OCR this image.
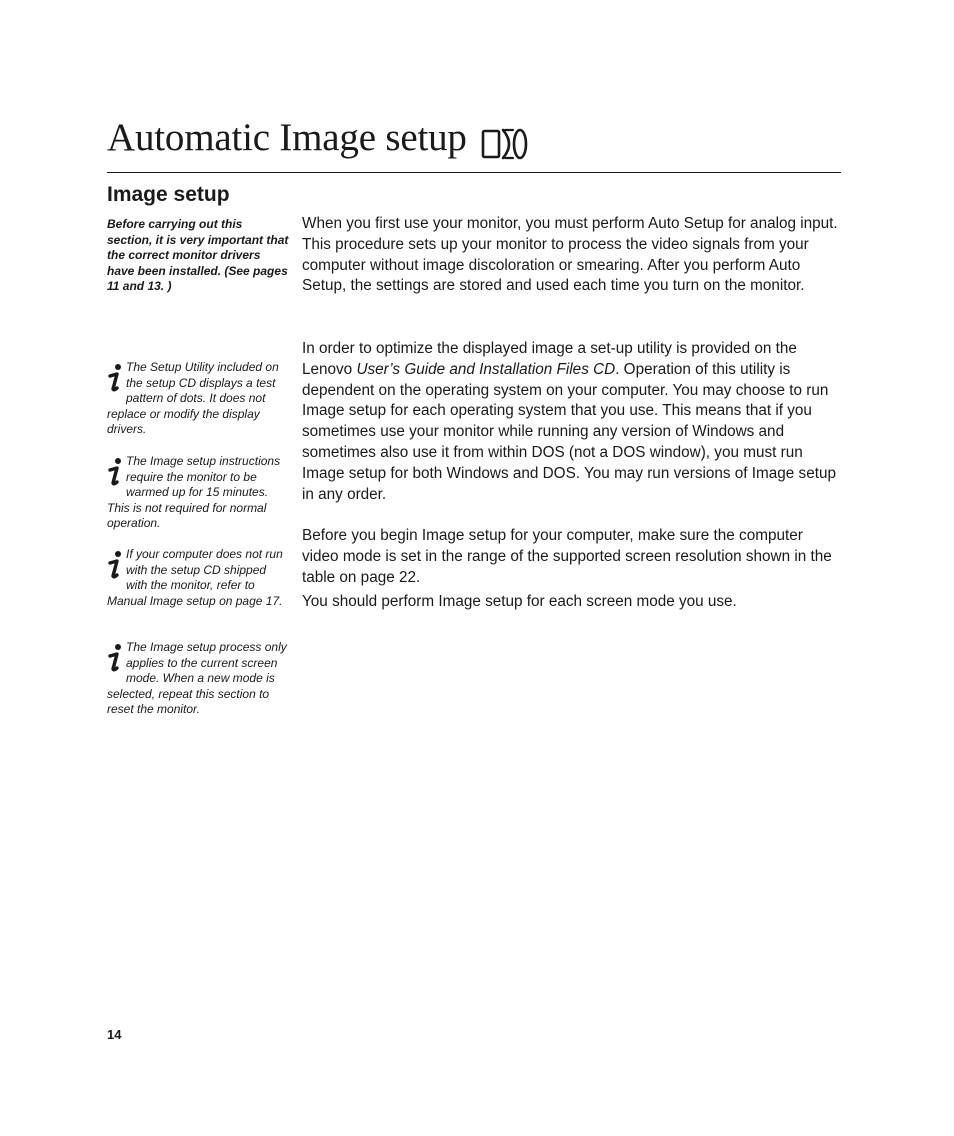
Automatic Image setup
Image setup

Before carrying out this section, it is very important that the correct monitor drivers have been installed. (See pages 11 and 13. )

The Setup Utility included on the setup CD displays a test pattern of dots. It does not replace or modify the display drivers.

The Image setup instructions require the monitor to be warmed up for 15 minutes. This is not required for normal operation.

If your computer does not run with the setup CD shipped with the monitor, refer to Manual Image setup on page 17.

The Image setup process only applies to the current screen mode. When a new mode is selected, repeat this section to reset the monitor.

When you first use your monitor, you must perform Auto Setup for analog input. This procedure sets up your monitor to process the video signals from your computer without image discoloration or smearing. After you perform Auto Setup, the settings are stored and used each time you turn on the monitor.

In order to optimize the displayed image a set-up utility is provided on the Lenovo User’s Guide and Installation Files CD. Operation of this utility is dependent on the operating system on your computer. You may choose to run Image setup for each operating system that you use. This means that if you sometimes use your monitor while running any version of Windows and sometimes also use it from within DOS (not a DOS window), you must run Image setup for both Windows and DOS. You may run versions of Image setup in any order.

Before you begin Image setup for your computer, make sure the computer video mode is set in the range of the supported screen resolution shown in the table on page 22.

You should perform Image setup for each screen mode you use.

14
